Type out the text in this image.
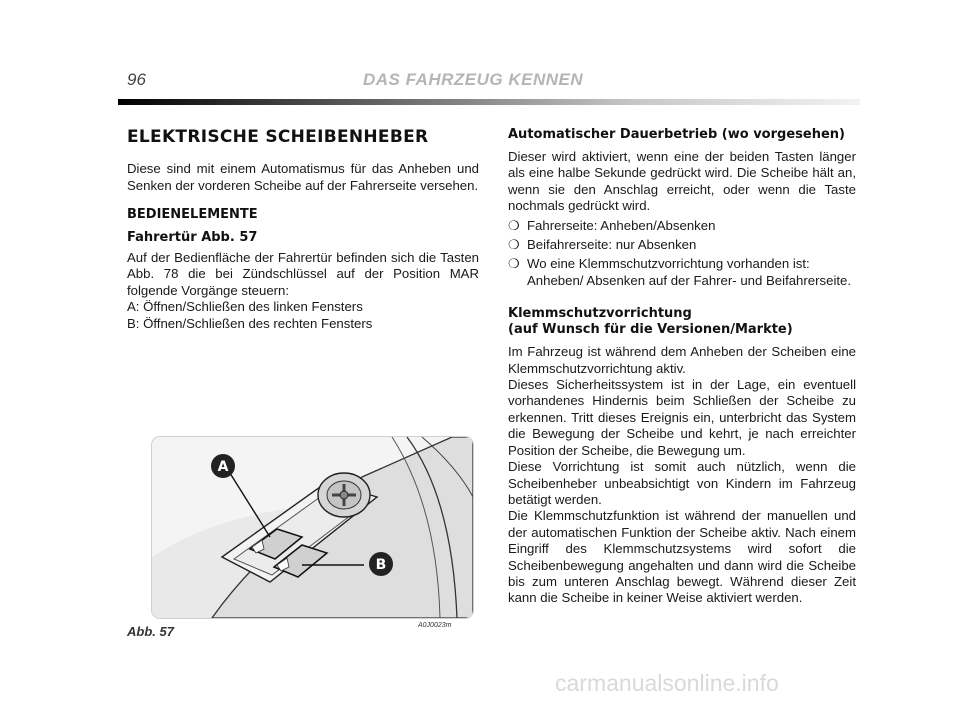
96	DAS FAHRZEUG KENNEN
ELEKTRISCHE SCHEIBENHEBER

Diese sind mit einem Automatismus für das Anheben und Senken der vorderen Scheibe auf der Fahrerseite versehen.

BEDIENELEMENTE
Fahrertür Abb. 57

Auf der Bedienfläche der Fahrertür befinden sich die Tasten Abb. 78 die bei Zündschlüssel auf der Position MAR folgende Vorgänge steuern:

A: Öffnen/Schließen des linken Fensters

B: Öffnen/Schließen des rechten Fensters

A
B
Abb. 57	A0J0023m
Automatischer Dauerbetrieb (wo vorgesehen)

Dieser wird aktiviert, wenn eine der beiden Tasten länger als eine halbe Sekunde gedrückt wird. Die Scheibe hält an, wenn sie den Anschlag erreicht, oder wenn die Taste nochmals gedrückt wird.

❍ Fahrerseite: Anheben/Absenken
❍ Beifahrerseite: nur Absenken
❍ Wo eine Klemmschutzvorrichtung vorhanden ist: Anheben/ Absenken auf der Fahrer- und Beifahrerseite.
Klemmschutzvorrichtung
(auf Wunsch für die Versionen/Markte)

Im Fahrzeug ist während dem Anheben der Scheiben eine Klemmschutzvorrichtung aktiv.

Dieses Sicherheitssystem ist in der Lage, ein eventuell vorhandenes Hindernis beim Schließen der Scheibe zu erkennen. Tritt dieses Ereignis ein, unterbricht das System die Bewegung der Scheibe und kehrt, je nach erreichter Position der Scheibe, die Bewegung um.

Diese Vorrichtung ist somit auch nützlich, wenn die Scheibenheber unbeabsichtigt von Kindern im Fahrzeug betätigt werden.

Die Klemmschutzfunktion ist während der manuellen und der automatischen Funktion der Scheibe aktiv. Nach einem Eingriff des Klemmschutzsystems wird sofort die Scheibenbewegung angehalten und dann wird die Scheibe bis zum unteren Anschlag bewegt. Während dieser Zeit kann die Scheibe in keiner Weise aktiviert werden.

carmanualsonline.info
